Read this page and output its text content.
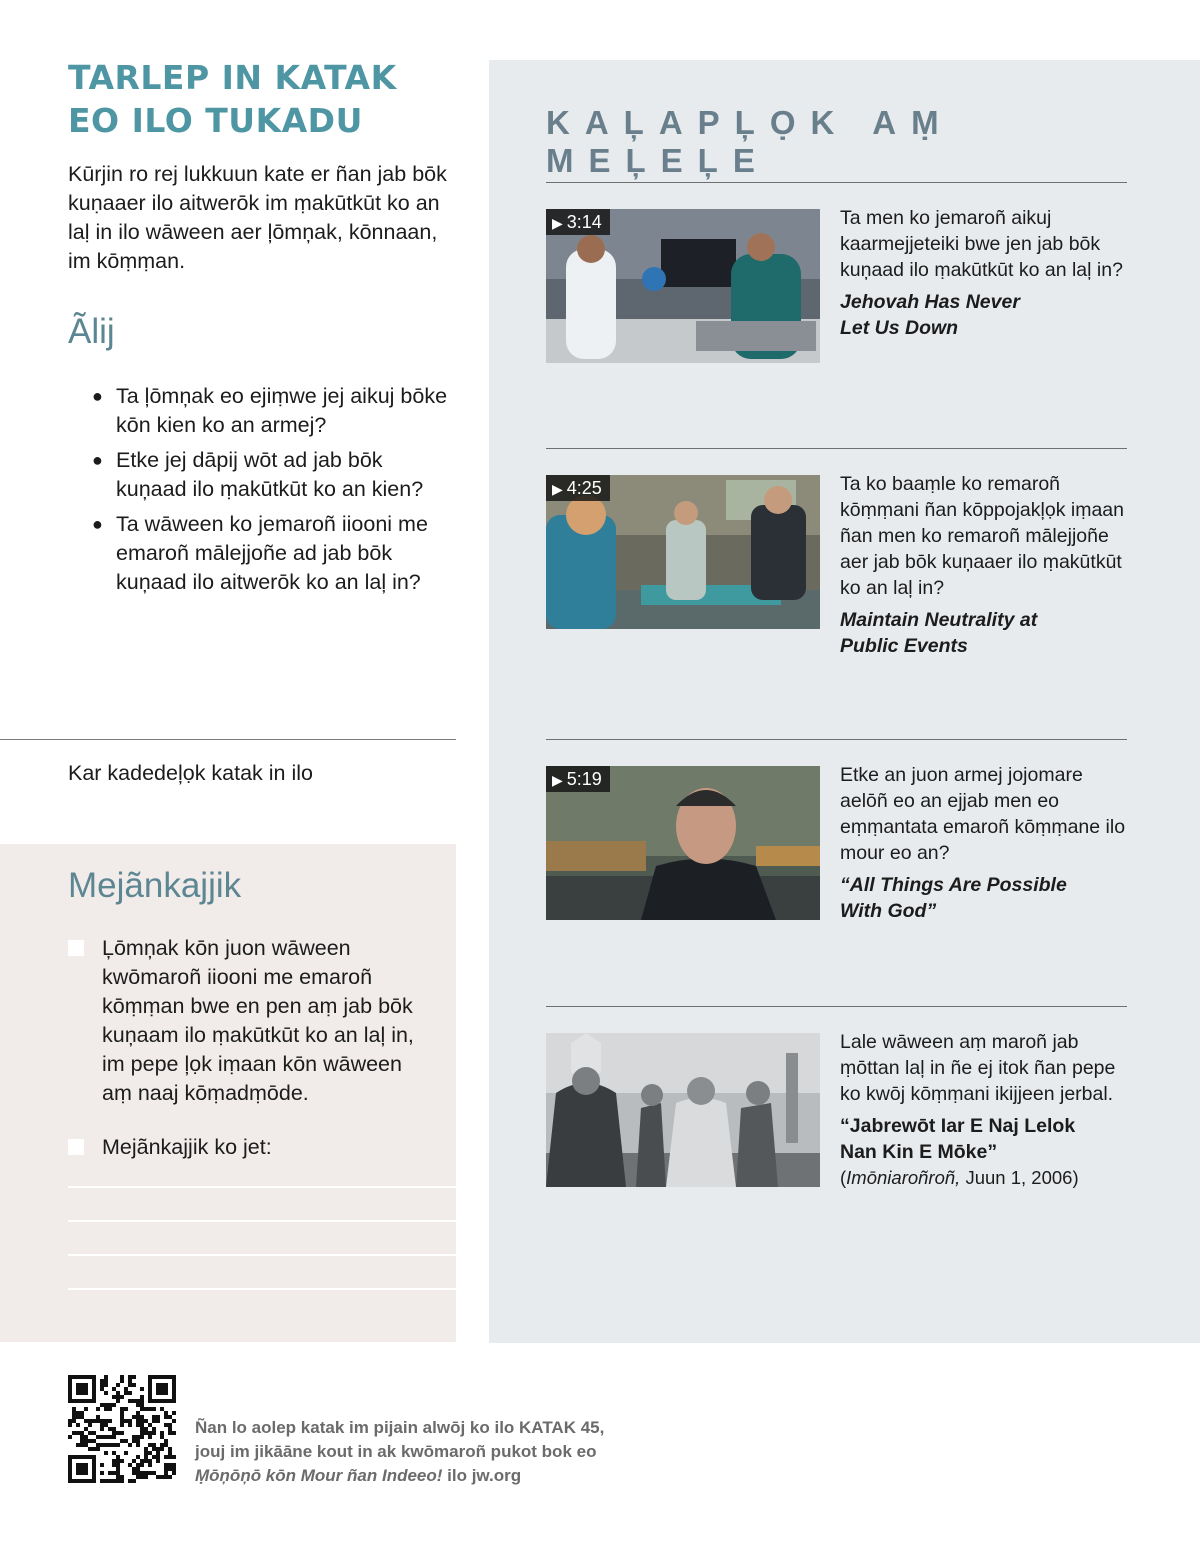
TARLEP IN KATAK
EO ILO TUKADU

Kūrjin ro rej lukkuun kate er ñan jab bōk kuṇaaer ilo aitwerōk im ṃakūtkūt ko an laḷ in ilo wāween aer ļōmņak, kōnnaan, im kōṃṃan.

Ãlij
● Ta ļōmņak eo ejiṃwe jej aikuj bōke kōn kien ko an armej?
● Etke jej dāpij wōt ad jab bōk kuņaad ilo ṃakūtkūt ko an kien?
● Ta wāween ko jemaroñ iiooni me emaroñ mālejjoñe ad jab bōk kuņaad ilo aitwerōk ko an laļ in?
Kar kadedeļọk katak in ilo
Mejãnkajjik
Ļōmņak kōn juon wāween kwōmaroñ iiooni me emaroñ kōṃṃan bwe en pen aṃ jab bōk kuņaam ilo ṃakūtkūt ko an laļ in, im pepe ļọk iṃaan kōn wāween aṃ naaj kōṃadṃōde.
Mejãnkajjik ko jet:
KAĻAPĻỌK AṂ MEĻEĻE
▶ 3:14	Ta men ko jemaroñ aikuj kaarmejjeteiki bwe jen jab bōk kuņaad ilo ṃakūtkūt ko an laļ in?

Jehovah Has Never
Let Us Down

▶ 4:25	Ta ko baaṃle ko remaroñ kōṃṃani ñan kōppojakļọk iṃaan ñan men ko remaroñ mālejjoñe aer jab bōk kuņaaer ilo ṃakūtkūt ko an laļ in?

Maintain Neutrality at
Public Events

▶ 5:19	Etke an juon armej jojomare aelōñ eo an ejjab men eo eṃṃantata emaroñ kōṃṃane ilo mour eo an?

“All Things Are Possible
With God”

Lale wāween aṃ maroñ jab ṃōttan laļ in ñe ej itok ñan pepe ko kwōj kōṃṃani ikijjeen jerbal.

“Jabrewōt Iar E Naj Lelok
Nan Kin E Mōke”

(Imōniaroñroñ, Juun 1, 2006)

Ñan lo aolep katak im pijain alwōj ko ilo KATAK 45,
jouj im jikāāne kout in ak kwōmaroñ pukot bok eo
Ṃōņōņō kōn Mour ñan Indeeo! ilo jw.org
